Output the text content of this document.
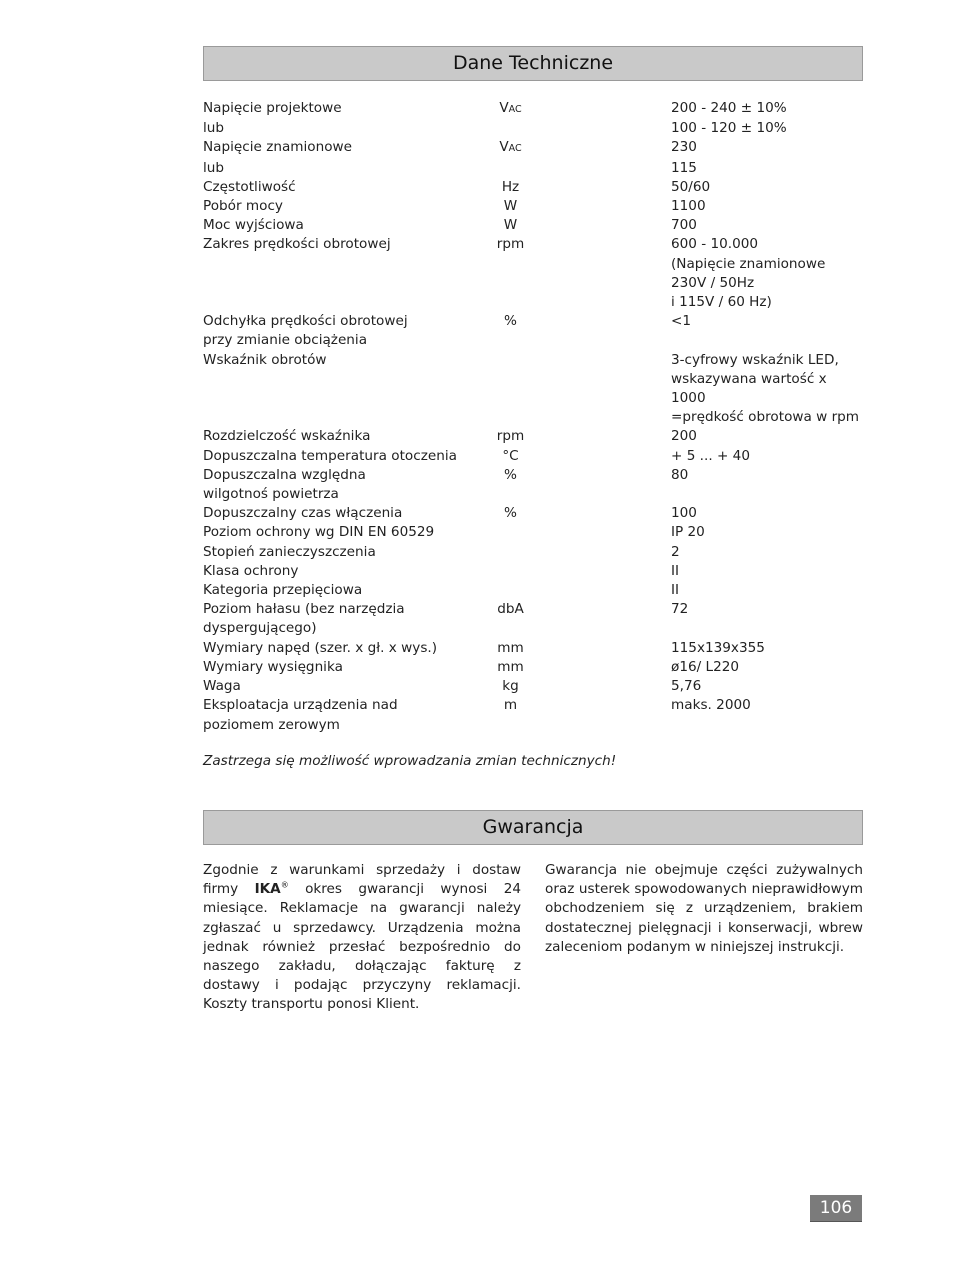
Dane Techniczne
Napięcie projektowe	VAC		200 - 240 ± 10%
lub			100 - 120 ± 10%
Napięcie znamionowe	VAC		230
lub			115
Częstotliwość	Hz		50/60
Pobór mocy	W		1100
Moc wyjściowa	W		700
Zakres prędkości obrotowej	rpm		600 - 10.000
(Napięcie znamionowe
230V / 50Hz
i 115V / 60 Hz)
Odchyłka prędkości obrotowej
przy zmianie obciążenia	%		<1
Wskaźnik obrotów			3-cyfrowy wskaźnik LED,
wskazywana wartość x 1000
=prędkość obrotowa w rpm
Rozdzielczość wskaźnika	rpm		200
Dopuszczalna temperatura otoczenia	°C		+ 5 ... + 40
Dopuszczalna względna
wilgotnoś powietrza	%		80
Dopuszczalny czas włączenia	%		100
Poziom ochrony wg DIN EN 60529			IP 20
Stopień zanieczyszczenia			2
Klasa ochrony			II
Kategoria przepięciowa			II
Poziom hałasu (bez narzędzia
dyspergującego)	dbA		72
Wymiary napęd (szer. x gł. x wys.)	mm		115x139x355
Wymiary wysięgnika	mm		ø16/ L220
Waga	kg		5,76
Eksploatacja urządzenia nad
poziomem zerowym	m		maks. 2000
Zastrzega się możliwość wprowadzania zmian technicznych!
Gwarancja
Zgodnie z warunkami sprzedaży i dostaw firmy IKA® okres gwarancji wynosi 24 miesiące. Reklamacje na gwarancji należy zgłaszać u sprzedawcy. Urządzenia można jednak również przesłać bezpośrednio do naszego zakładu, dołączając fakturę z dostawy i podając przyczyny reklamacji. Koszty transportu ponosi Klient.
Gwarancja nie obejmuje części zużywalnych oraz usterek spowodowanych nieprawidłowym obchodzeniem się z urządzeniem, brakiem dostatecznej pielęgnacji i konserwacji, wbrew zaleceniom podanym w niniejszej instrukcji.
106
